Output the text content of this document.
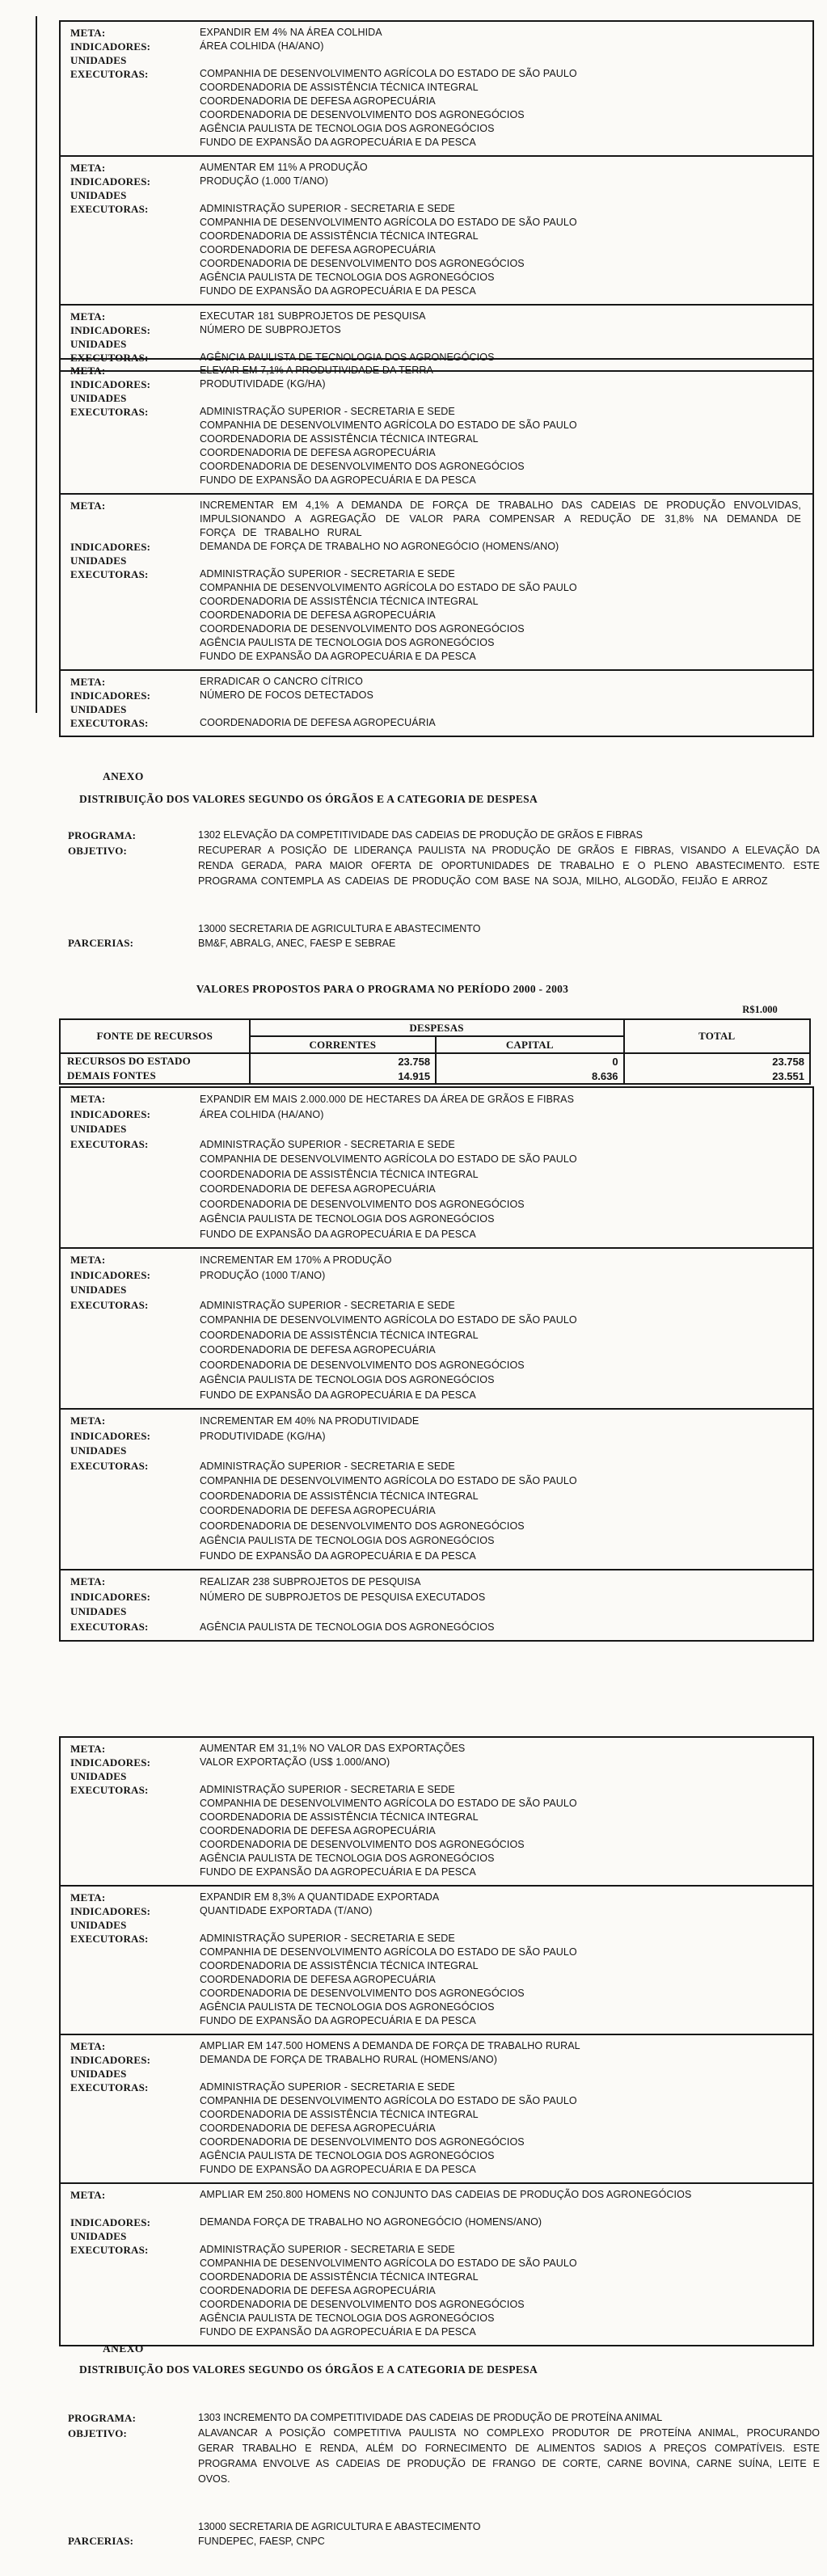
META:	EXPANDIR EM 4% NA ÁREA COLHIDA
INDICADORES:	ÁREA COLHIDA (HA/ANO)
UNIDADES
EXECUTORAS:	COMPANHIA DE DESENVOLVIMENTO AGRÍCOLA DO ESTADO DE SÃO PAULO
COORDENADORIA DE ASSISTÊNCIA TÉCNICA INTEGRAL
COORDENADORIA DE DEFESA AGROPECUÁRIA
COORDENADORIA DE DESENVOLVIMENTO DOS AGRONEGÓCIOS
AGÊNCIA PAULISTA DE TECNOLOGIA DOS AGRONEGÓCIOS
FUNDO DE EXPANSÃO DA AGROPECUÁRIA E DA PESCA
META:	AUMENTAR EM 11% A PRODUÇÃO
INDICADORES:	PRODUÇÃO (1.000 T/ANO)
UNIDADES
EXECUTORAS:	ADMINISTRAÇÃO SUPERIOR - SECRETARIA E SEDE
COMPANHIA DE DESENVOLVIMENTO AGRÍCOLA DO ESTADO DE SÃO PAULO
COORDENADORIA DE ASSISTÊNCIA TÉCNICA INTEGRAL
COORDENADORIA DE DEFESA AGROPECUÁRIA
COORDENADORIA DE DESENVOLVIMENTO DOS AGRONEGÓCIOS
AGÊNCIA PAULISTA DE TECNOLOGIA DOS AGRONEGÓCIOS
FUNDO DE EXPANSÃO DA AGROPECUÁRIA E DA PESCA
META:	EXECUTAR 181 SUBPROJETOS DE PESQUISA
INDICADORES:	NÚMERO DE SUBPROJETOS
UNIDADES
EXECUTORAS:	AGÊNCIA PAULISTA DE TECNOLOGIA DOS AGRONEGÓCIOS
META:	ELEVAR EM 7,1% A PRODUTIVIDADE DA TERRA
INDICADORES:	PRODUTIVIDADE (KG/HA)
UNIDADES
EXECUTORAS:	ADMINISTRAÇÃO SUPERIOR - SECRETARIA E SEDE
COMPANHIA DE DESENVOLVIMENTO AGRÍCOLA DO ESTADO DE SÃO PAULO
COORDENADORIA DE ASSISTÊNCIA TÉCNICA INTEGRAL
COORDENADORIA DE DEFESA AGROPECUÁRIA
COORDENADORIA DE DESENVOLVIMENTO DOS AGRONEGÓCIOS
FUNDO DE EXPANSÃO DA AGROPECUÁRIA E DA PESCA
META:	INCREMENTAR EM 4,1% A DEMANDA DE FORÇA DE TRABALHO DAS CADEIAS DE PRODUÇÃO ENVOLVIDAS, IMPULSIONANDO A AGREGAÇÃO DE VALOR PARA COMPENSAR A REDUÇÃO DE 31,8% NA DEMANDA DE FORÇA DE TRABALHO RURAL
INDICADORES:	DEMANDA DE FORÇA DE TRABALHO NO AGRONEGÓCIO (HOMENS/ANO)
UNIDADES
EXECUTORAS:	ADMINISTRAÇÃO SUPERIOR - SECRETARIA E SEDE
COMPANHIA DE DESENVOLVIMENTO AGRÍCOLA DO ESTADO DE SÃO PAULO
COORDENADORIA DE ASSISTÊNCIA TÉCNICA INTEGRAL
COORDENADORIA DE DEFESA AGROPECUÁRIA
COORDENADORIA DE DESENVOLVIMENTO DOS AGRONEGÓCIOS
AGÊNCIA PAULISTA DE TECNOLOGIA DOS AGRONEGÓCIOS
FUNDO DE EXPANSÃO DA AGROPECUÁRIA E DA PESCA
META:	ERRADICAR O CANCRO CÍTRICO
INDICADORES:	NÚMERO DE FOCOS DETECTADOS
UNIDADES
EXECUTORAS:	COORDENADORIA DE DEFESA AGROPECUÁRIA
ANEXO
DISTRIBUIÇÃO DOS VALORES SEGUNDO OS ÓRGÃOS E A CATEGORIA DE DESPESA
PROGRAMA:	1302 ELEVAÇÃO DA COMPETITIVIDADE DAS CADEIAS DE PRODUÇÃO DE GRÃOS E FIBRAS
OBJETIVO:	RECUPERAR A POSIÇÃO DE LIDERANÇA PAULISTA NA PRODUÇÃO DE GRÃOS E FIBRAS, VISANDO A ELEVAÇÃO DA RENDA GERADA, PARA MAIOR OFERTA DE OPORTUNIDADES DE TRABALHO E O PLENO ABASTECIMENTO. ESTE PROGRAMA CONTEMPLA AS CADEIAS DE PRODUÇÃO COM BASE NA SOJA, MILHO, ALGODÃO, FEIJÃO E ARROZ

PARCERIAS:
13000 SECRETARIA DE AGRICULTURA E ABASTECIMENTO
BM&F, ABRALG, ANEC, FAESP E SEBRAE
VALORES PROPOSTOS PARA O PROGRAMA NO PERÍODO 2000 - 2003
R$1.000
FONTE DE RECURSOS	DESPESAS		TOTAL
	CORRENTES	CAPITAL	
RECURSOS DO ESTADO	23.758	0	23.758
DEMAIS FONTES	14.915	8.636	23.551
META:	EXPANDIR EM MAIS 2.000.000 DE HECTARES DA ÁREA DE GRÃOS E FIBRAS
INDICADORES:	ÁREA COLHIDA (HA/ANO)
UNIDADES
EXECUTORAS:	ADMINISTRAÇÃO SUPERIOR - SECRETARIA E SEDE
COMPANHIA DE DESENVOLVIMENTO AGRÍCOLA DO ESTADO DE SÃO PAULO
COORDENADORIA DE ASSISTÊNCIA TÉCNICA INTEGRAL
COORDENADORIA DE DEFESA AGROPECUÁRIA
COORDENADORIA DE DESENVOLVIMENTO DOS AGRONEGÓCIOS
AGÊNCIA PAULISTA DE TECNOLOGIA DOS AGRONEGÓCIOS
FUNDO DE EXPANSÃO DA AGROPECUÁRIA E DA PESCA
META:	INCREMENTAR EM 170% A PRODUÇÃO
INDICADORES:	PRODUÇÃO (1000 T/ANO)
UNIDADES
EXECUTORAS:	ADMINISTRAÇÃO SUPERIOR - SECRETARIA E SEDE
COMPANHIA DE DESENVOLVIMENTO AGRÍCOLA DO ESTADO DE SÃO PAULO
COORDENADORIA DE ASSISTÊNCIA TÉCNICA INTEGRAL
COORDENADORIA DE DEFESA AGROPECUÁRIA
COORDENADORIA DE DESENVOLVIMENTO DOS AGRONEGÓCIOS
AGÊNCIA PAULISTA DE TECNOLOGIA DOS AGRONEGÓCIOS
FUNDO DE EXPANSÃO DA AGROPECUÁRIA E DA PESCA
META:	INCREMENTAR EM 40% NA PRODUTIVIDADE
INDICADORES:	PRODUTIVIDADE (KG/HA)
UNIDADES
EXECUTORAS:	ADMINISTRAÇÃO SUPERIOR - SECRETARIA E SEDE
COMPANHIA DE DESENVOLVIMENTO AGRÍCOLA DO ESTADO DE SÃO PAULO
COORDENADORIA DE ASSISTÊNCIA TÉCNICA INTEGRAL
COORDENADORIA DE DEFESA AGROPECUÁRIA
COORDENADORIA DE DESENVOLVIMENTO DOS AGRONEGÓCIOS
AGÊNCIA PAULISTA DE TECNOLOGIA DOS AGRONEGÓCIOS
FUNDO DE EXPANSÃO DA AGROPECUÁRIA E DA PESCA
META:	REALIZAR 238 SUBPROJETOS DE PESQUISA
INDICADORES:	NÚMERO DE SUBPROJETOS DE PESQUISA EXECUTADOS
UNIDADES
EXECUTORAS:	AGÊNCIA PAULISTA DE TECNOLOGIA DOS AGRONEGÓCIOS
META:	AUMENTAR EM 31,1% NO VALOR DAS EXPORTAÇÕES
INDICADORES:	VALOR EXPORTAÇÃO (US$ 1.000/ANO)
UNIDADES
EXECUTORAS:	ADMINISTRAÇÃO SUPERIOR - SECRETARIA E SEDE
COMPANHIA DE DESENVOLVIMENTO AGRÍCOLA DO ESTADO DE SÃO PAULO
COORDENADORIA DE ASSISTÊNCIA TÉCNICA INTEGRAL
COORDENADORIA DE DEFESA AGROPECUÁRIA
COORDENADORIA DE DESENVOLVIMENTO DOS AGRONEGÓCIOS
AGÊNCIA PAULISTA DE TECNOLOGIA DOS AGRONEGÓCIOS
FUNDO DE EXPANSÃO DA AGROPECUÁRIA E DA PESCA
META:	EXPANDIR EM 8,3% A QUANTIDADE EXPORTADA
INDICADORES:	QUANTIDADE EXPORTADA (T/ANO)
UNIDADES
EXECUTORAS:	ADMINISTRAÇÃO SUPERIOR - SECRETARIA E SEDE
COMPANHIA DE DESENVOLVIMENTO AGRÍCOLA DO ESTADO DE SÃO PAULO
COORDENADORIA DE ASSISTÊNCIA TÉCNICA INTEGRAL
COORDENADORIA DE DEFESA AGROPECUÁRIA
COORDENADORIA DE DESENVOLVIMENTO DOS AGRONEGÓCIOS
AGÊNCIA PAULISTA DE TECNOLOGIA DOS AGRONEGÓCIOS
FUNDO DE EXPANSÃO DA AGROPECUÁRIA E DA PESCA
META:	AMPLIAR EM 147.500 HOMENS A DEMANDA DE FORÇA DE TRABALHO RURAL
INDICADORES:	DEMANDA DE FORÇA DE TRABALHO RURAL (HOMENS/ANO)
UNIDADES
EXECUTORAS:	ADMINISTRAÇÃO SUPERIOR - SECRETARIA E SEDE
COMPANHIA DE DESENVOLVIMENTO AGRÍCOLA DO ESTADO DE SÃO PAULO
COORDENADORIA DE ASSISTÊNCIA TÉCNICA INTEGRAL
COORDENADORIA DE DEFESA AGROPECUÁRIA
COORDENADORIA DE DESENVOLVIMENTO DOS AGRONEGÓCIOS
AGÊNCIA PAULISTA DE TECNOLOGIA DOS AGRONEGÓCIOS
FUNDO DE EXPANSÃO DA AGROPECUÁRIA E DA PESCA
META:	AMPLIAR EM 250.800 HOMENS NO CONJUNTO DAS CADEIAS DE PRODUÇÃO DOS AGRONEGÓCIOS
INDICADORES:	DEMANDA FORÇA DE TRABALHO NO AGRONEGÓCIO (HOMENS/ANO)
UNIDADES
EXECUTORAS:	ADMINISTRAÇÃO SUPERIOR - SECRETARIA E SEDE
COMPANHIA DE DESENVOLVIMENTO AGRÍCOLA DO ESTADO DE SÃO PAULO
COORDENADORIA DE ASSISTÊNCIA TÉCNICA INTEGRAL
COORDENADORIA DE DEFESA AGROPECUÁRIA
COORDENADORIA DE DESENVOLVIMENTO DOS AGRONEGÓCIOS
AGÊNCIA PAULISTA DE TECNOLOGIA DOS AGRONEGÓCIOS
FUNDO DE EXPANSÃO DA AGROPECUÁRIA E DA PESCA
ANEXO
DISTRIBUIÇÃO DOS VALORES SEGUNDO OS ÓRGÃOS E A CATEGORIA DE DESPESA
PROGRAMA:	1303 INCREMENTO DA COMPETITIVIDADE DAS CADEIAS DE PRODUÇÃO DE PROTEÍNA ANIMAL
OBJETIVO:	ALAVANCAR A POSIÇÃO COMPETITIVA PAULISTA NO COMPLEXO PRODUTOR DE PROTEÍNA ANIMAL, PROCURANDO GERAR TRABALHO E RENDA, ALÉM DO FORNECIMENTO DE ALIMENTOS SADIOS A PREÇOS COMPATÍVEIS. ESTE PROGRAMA ENVOLVE AS CADEIAS DE PRODUÇÃO DE FRANGO DE CORTE, CARNE BOVINA, CARNE SUÍNA, LEITE E OVOS.

PARCERIAS:
13000 SECRETARIA DE AGRICULTURA E ABASTECIMENTO
FUNDEPEC, FAESP, CNPC
